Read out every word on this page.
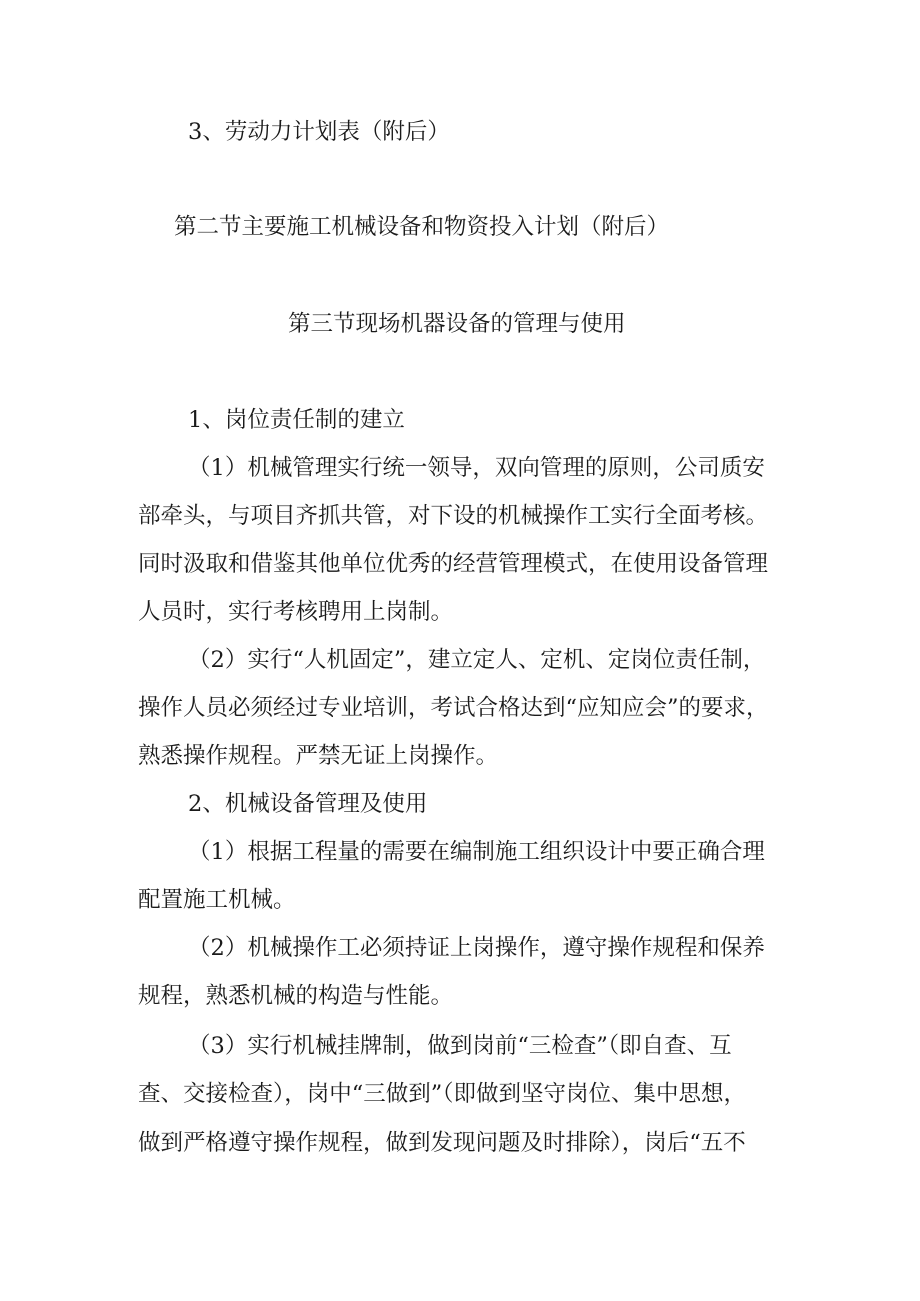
3、劳动力计划表（附后）
第二节主要施工机械设备和物资投入计划（附后）
第三节现场机器设备的管理与使用
1、岗位责任制的建立
（1）机械管理实行统一领导，双向管理的原则，公司质安
部牵头，与项目齐抓共管，对下设的机械操作工实行全面考核。
同时汲取和借鉴其他单位优秀的经营管理模式，在使用设备管理
人员时，实行考核聘用上岗制。
（2）实行“人机固定”，建立定人、定机、定岗位责任制，
操作人员必须经过专业培训，考试合格达到“应知应会”的要求，
熟悉操作规程。严禁无证上岗操作。
2、机械设备管理及使用
（1）根据工程量的需要在编制施工组织设计中要正确合理
配置施工机械。
（2）机械操作工必须持证上岗操作，遵守操作规程和保养
规程，熟悉机械的构造与性能。
（3）实行机械挂牌制，做到岗前“三检查”（即自查、互
查、交接检查），岗中“三做到”（即做到坚守岗位、集中思想，
做到严格遵守操作规程，做到发现问题及时排除），岗后“五不
